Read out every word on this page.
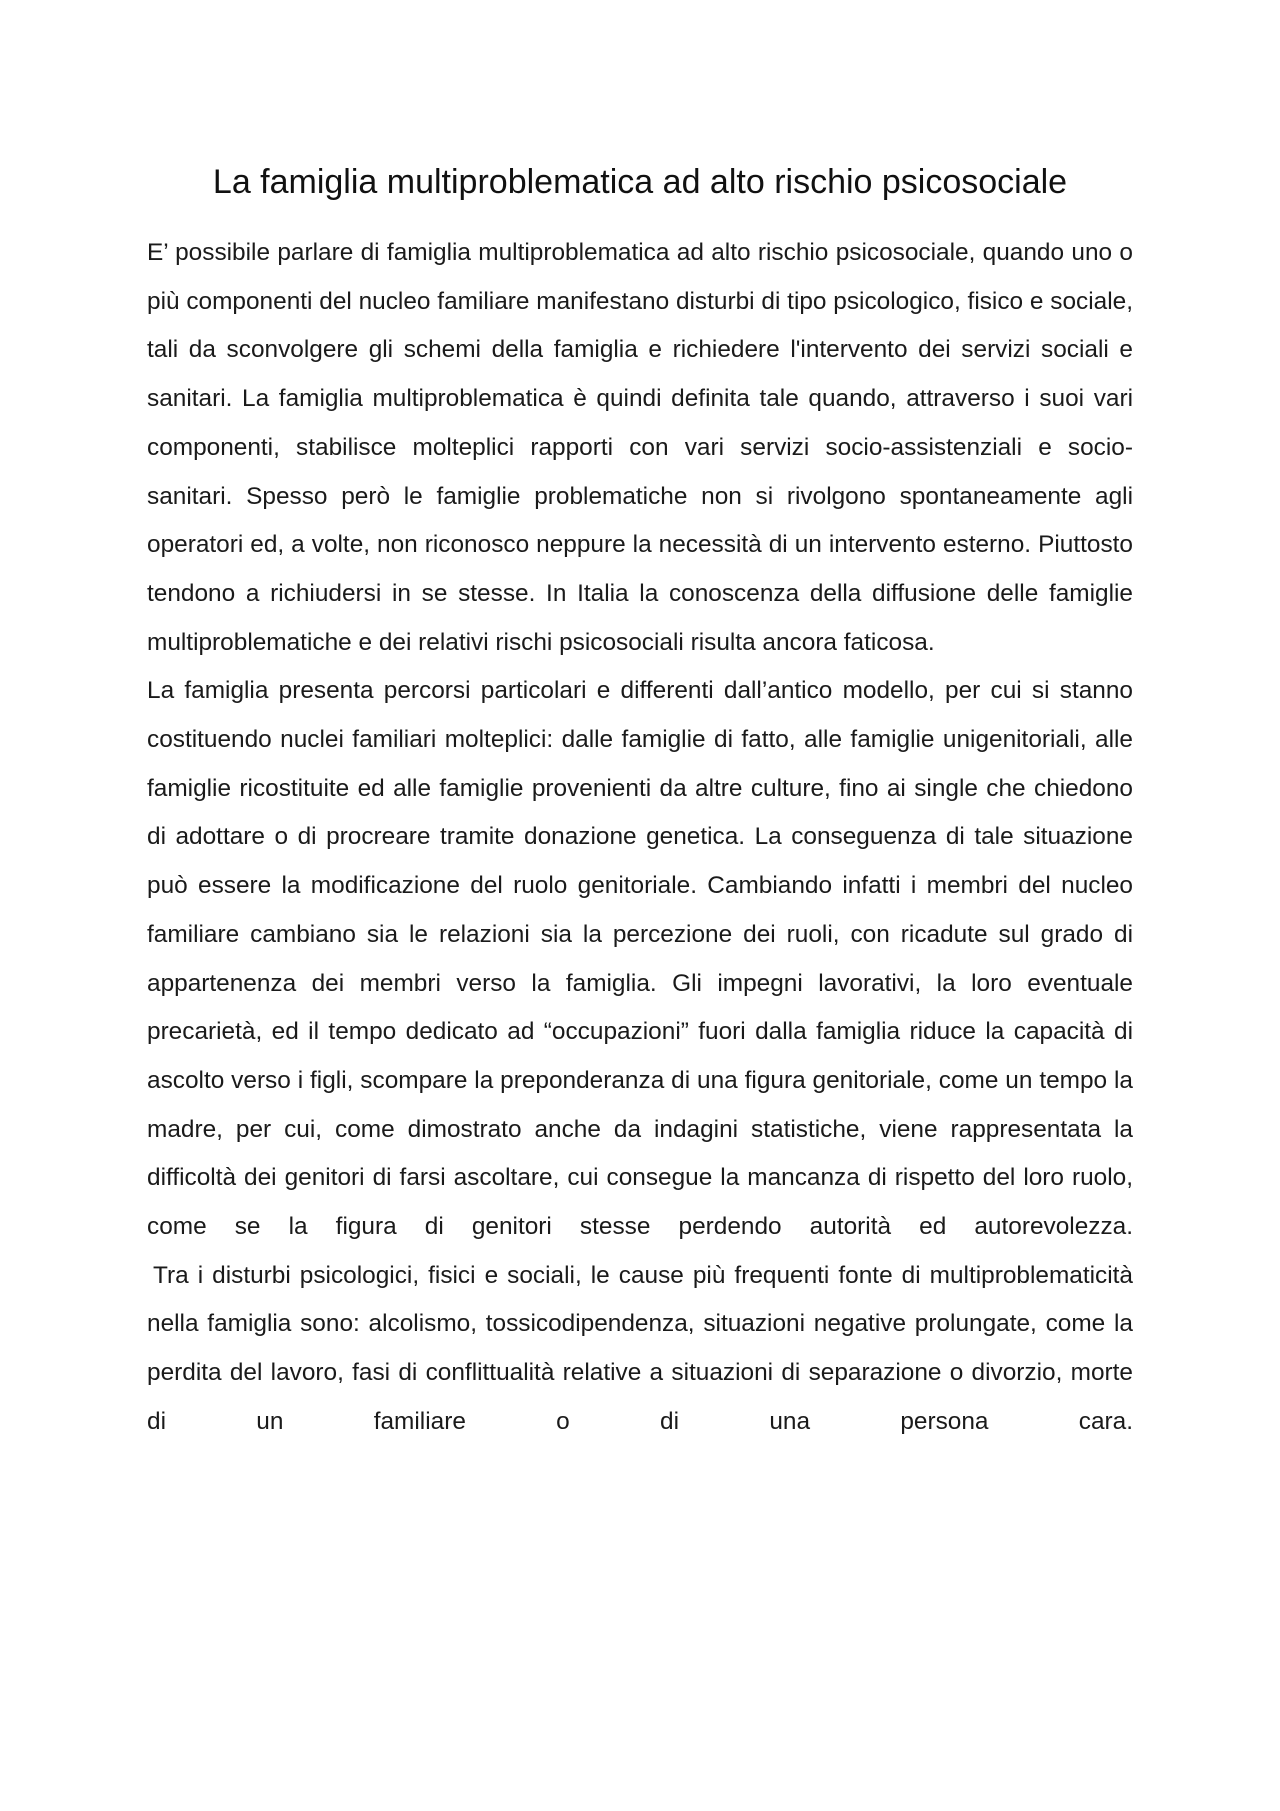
La famiglia multiproblematica ad alto rischio psicosociale

E’ possibile parlare di famiglia multiproblematica ad alto rischio psicosociale, quando uno o più componenti del nucleo familiare manifestano disturbi di tipo psicologico, fisico e sociale, tali da sconvolgere gli schemi della famiglia e richiedere l'intervento dei servizi sociali e sanitari. La famiglia multiproblematica è quindi definita tale quando, attraverso i suoi vari componenti, stabilisce molteplici rapporti con vari servizi socio-assistenziali e socio-sanitari. Spesso però le famiglie problematiche non si rivolgono spontaneamente agli operatori ed, a volte, non riconosco neppure la necessità di un intervento esterno. Piuttosto tendono a richiudersi in se stesse. In Italia la conoscenza della diffusione delle famiglie multiproblematiche e dei relativi rischi psicosociali risulta ancora faticosa.

La famiglia presenta percorsi particolari e differenti dall’antico modello, per cui si stanno costituendo nuclei familiari molteplici: dalle famiglie di fatto, alle famiglie unigenitoriali, alle famiglie ricostituite ed alle famiglie provenienti da altre culture, fino ai single che chiedono di adottare o di procreare tramite donazione genetica. La conseguenza di tale situazione può essere la modificazione del ruolo genitoriale. Cambiando infatti i membri del nucleo familiare cambiano sia le relazioni sia la percezione dei ruoli, con ricadute sul grado di appartenenza dei membri verso la famiglia. Gli impegni lavorativi, la loro eventuale precarietà, ed il tempo dedicato ad “occupazioni” fuori dalla famiglia riduce la capacità di ascolto verso i figli, scompare la preponderanza di una figura genitoriale, come un tempo la madre, per cui, come dimostrato anche da indagini statistiche, viene rappresentata la difficoltà dei genitori di farsi ascoltare, cui consegue la mancanza di rispetto del loro ruolo, come se la figura di genitori stesse perdendo autorità ed autorevolezza.

Tra i disturbi psicologici, fisici e sociali, le cause più frequenti fonte di multiproblematicità nella famiglia sono: alcolismo, tossicodipendenza, situazioni negative prolungate, come la perdita del lavoro, fasi di conflittualità relative a situazioni di separazione o divorzio, morte di un familiare o di una persona cara.
